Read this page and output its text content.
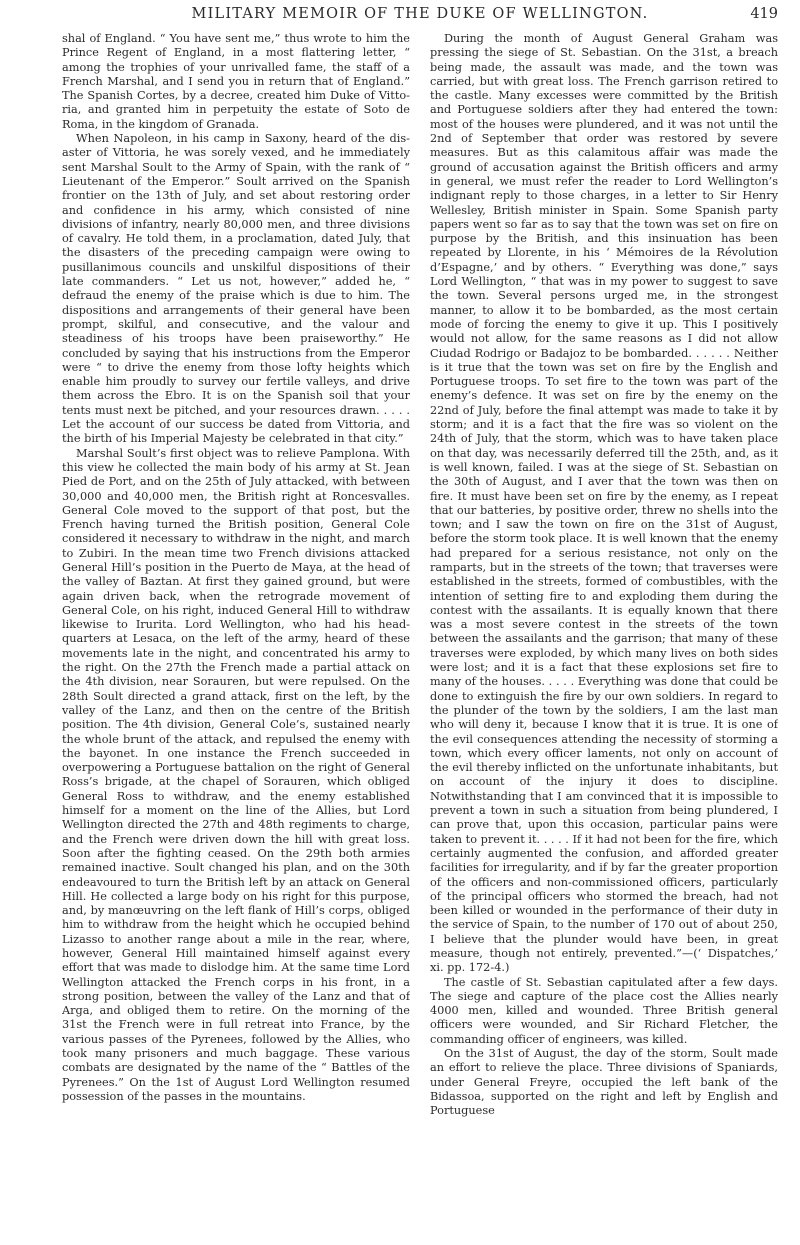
MILITARY MEMOIR OF THE DUKE OF WELLINGTON.	419

shal of England. “ You have sent me,” thus wrote to him the Prince Regent of England, in a most flattering letter, “ among the trophies of your unrivalled fame, the staff of a French Marshal, and I send you in return that of England.” The Spanish Cortes, by a decree, created him Duke of Vittoria, and granted him in perpetuity the estate of Soto de Roma, in the kingdom of Granada.

When Napoleon, in his camp in Saxony, heard of the disaster of Vittoria, he was sorely vexed, and he immediately sent Marshal Soult to the Army of Spain, with the rank of “ Lieutenant of the Emperor.” Soult arrived on the Spanish frontier on the 13th of July, and set about restoring order and confidence in his army, which consisted of nine divisions of infantry, nearly 80,000 men, and three divisions of cavalry. He told them, in a proclamation, dated July, that the disasters of the preceding campaign were owing to pusillanimous councils and unskilful dispositions of their late commanders. “ Let us not, however,” added he, “ defraud the enemy of the praise which is due to him. The dispositions and arrangements of their general have been prompt, skilful, and consecutive, and the valour and steadiness of his troops have been praiseworthy.” He concluded by saying that his instructions from the Emperor were “ to drive the enemy from those lofty heights which enable him proudly to survey our fertile valleys, and drive them across the Ebro. It is on the Spanish soil that your tents must next be pitched, and your resources drawn. . . . . Let the account of our success be dated from Vittoria, and the birth of his Imperial Majesty be celebrated in that city.”

Marshal Soult’s first object was to relieve Pamplona. With this view he collected the main body of his army at St. Jean Pied de Port, and on the 25th of July attacked, with between 30,000 and 40,000 men, the British right at Roncesvalles. General Cole moved to the support of that post, but the French having turned the British position, General Cole considered it necessary to withdraw in the night, and march to Zubiri. In the mean time two French divisions attacked General Hill’s position in the Puerto de Maya, at the head of the valley of Baztan. At first they gained ground, but were again driven back, when the retrograde movement of General Cole, on his right, induced General Hill to withdraw likewise to Irurita. Lord Wellington, who had his head-quarters at Lesaca, on the left of the army, heard of these movements late in the night, and concentrated his army to the right. On the 27th the French made a partial attack on the 4th division, near Sorauren, but were repulsed. On the 28th Soult directed a grand attack, first on the left, by the valley of the Lanz, and then on the centre of the British position. The 4th division, General Cole’s, sustained nearly the whole brunt of the attack, and repulsed the enemy with the bayonet. In one instance the French succeeded in overpowering a Portuguese battalion on the right of General Ross’s brigade, at the chapel of Sorauren, which obliged General Ross to withdraw, and the enemy established himself for a moment on the line of the Allies, but Lord Wellington directed the 27th and 48th regiments to charge, and the French were driven down the hill with great loss. Soon after the fighting ceased. On the 29th both armies remained inactive. Soult changed his plan, and on the 30th endeavoured to turn the British left by an attack on General Hill. He collected a large body on his right for this purpose, and, by manœuvring on the left flank of Hill’s corps, obliged him to withdraw from the height which he occupied behind Lizasso to another range about a mile in the rear, where, however, General Hill maintained himself against every effort that was made to dislodge him. At the same time Lord Wellington attacked the French corps in his front, in a strong position, between the valley of the Lanz and that of Arga, and obliged them to retire. On the morning of the 31st the French were in full retreat into France, by the various passes of the Pyrenees, followed by the Allies, who took many prisoners and much baggage. These various combats are designated by the name of the “ Battles of the Pyrenees.” On the 1st of August Lord Wellington resumed possession of the passes in the mountains.

During the month of August General Graham was pressing the siege of St. Sebastian. On the 31st, a breach being made, the assault was made, and the town was carried, but with great loss. The French garrison retired to the castle. Many excesses were committed by the British and Portuguese soldiers after they had entered the town: most of the houses were plundered, and it was not until the 2nd of September that order was restored by severe measures. But as this calamitous affair was made the ground of accusation against the British officers and army in general, we must refer the reader to Lord Wellington’s indignant reply to those charges, in a letter to Sir Henry Wellesley, British minister in Spain. Some Spanish party papers went so far as to say that the town was set on fire on purpose by the British, and this insinuation has been repeated by Llorente, in his ‘ Mémoires de la Révolution d’Espagne,’ and by others. “ Everything was done,” says Lord Wellington, “ that was in my power to suggest to save the town. Several persons urged me, in the strongest manner, to allow it to be bombarded, as the most certain mode of forcing the enemy to give it up. This I positively would not allow, for the same reasons as I did not allow Ciudad Rodrigo or Badajoz to be bombarded. . . . . . Neither is it true that the town was set on fire by the English and Portuguese troops. To set fire to the town was part of the enemy’s defence. It was set on fire by the enemy on the 22nd of July, before the final attempt was made to take it by storm; and it is a fact that the fire was so violent on the 24th of July, that the storm, which was to have taken place on that day, was necessarily deferred till the 25th, and, as it is well known, failed. I was at the siege of St. Sebastian on the 30th of August, and I aver that the town was then on fire. It must have been set on fire by the enemy, as I repeat that our batteries, by positive order, threw no shells into the town; and I saw the town on fire on the 31st of August, before the storm took place. It is well known that the enemy had prepared for a serious resistance, not only on the ramparts, but in the streets of the town; that traverses were established in the streets, formed of combustibles, with the intention of setting fire to and exploding them during the contest with the assailants. It is equally known that there was a most severe contest in the streets of the town between the assailants and the garrison; that many of these traverses were exploded, by which many lives on both sides were lost; and it is a fact that these explosions set fire to many of the houses. . . . . Everything was done that could be done to extinguish the fire by our own soldiers. In regard to the plunder of the town by the soldiers, I am the last man who will deny it, because I know that it is true. It is one of the evil consequences attending the necessity of storming a town, which every officer laments, not only on account of the evil thereby inflicted on the unfortunate inhabitants, but on account of the injury it does to discipline. Notwithstanding that I am convinced that it is impossible to prevent a town in such a situation from being plundered, I can prove that, upon this occasion, particular pains were taken to prevent it. . . . . If it had not been for the fire, which certainly augmented the confusion, and afforded greater facilities for irregularity, and if by far the greater proportion of the officers and non-commissioned officers, particularly of the principal officers who stormed the breach, had not been killed or wounded in the performance of their duty in the service of Spain, to the number of 170 out of about 250, I believe that the plunder would have been, in great measure, though not entirely, prevented.”—(‘ Dispatches,’ xi. pp. 172-4.)

The castle of St. Sebastian capitulated after a few days. The siege and capture of the place cost the Allies nearly 4000 men, killed and wounded. Three British general officers were wounded, and Sir Richard Fletcher, the commanding officer of engineers, was killed.

On the 31st of August, the day of the storm, Soult made an effort to relieve the place. Three divisions of Spaniards, under General Freyre, occupied the left bank of the Bidassoa, supported on the right and left by English and Portuguese
